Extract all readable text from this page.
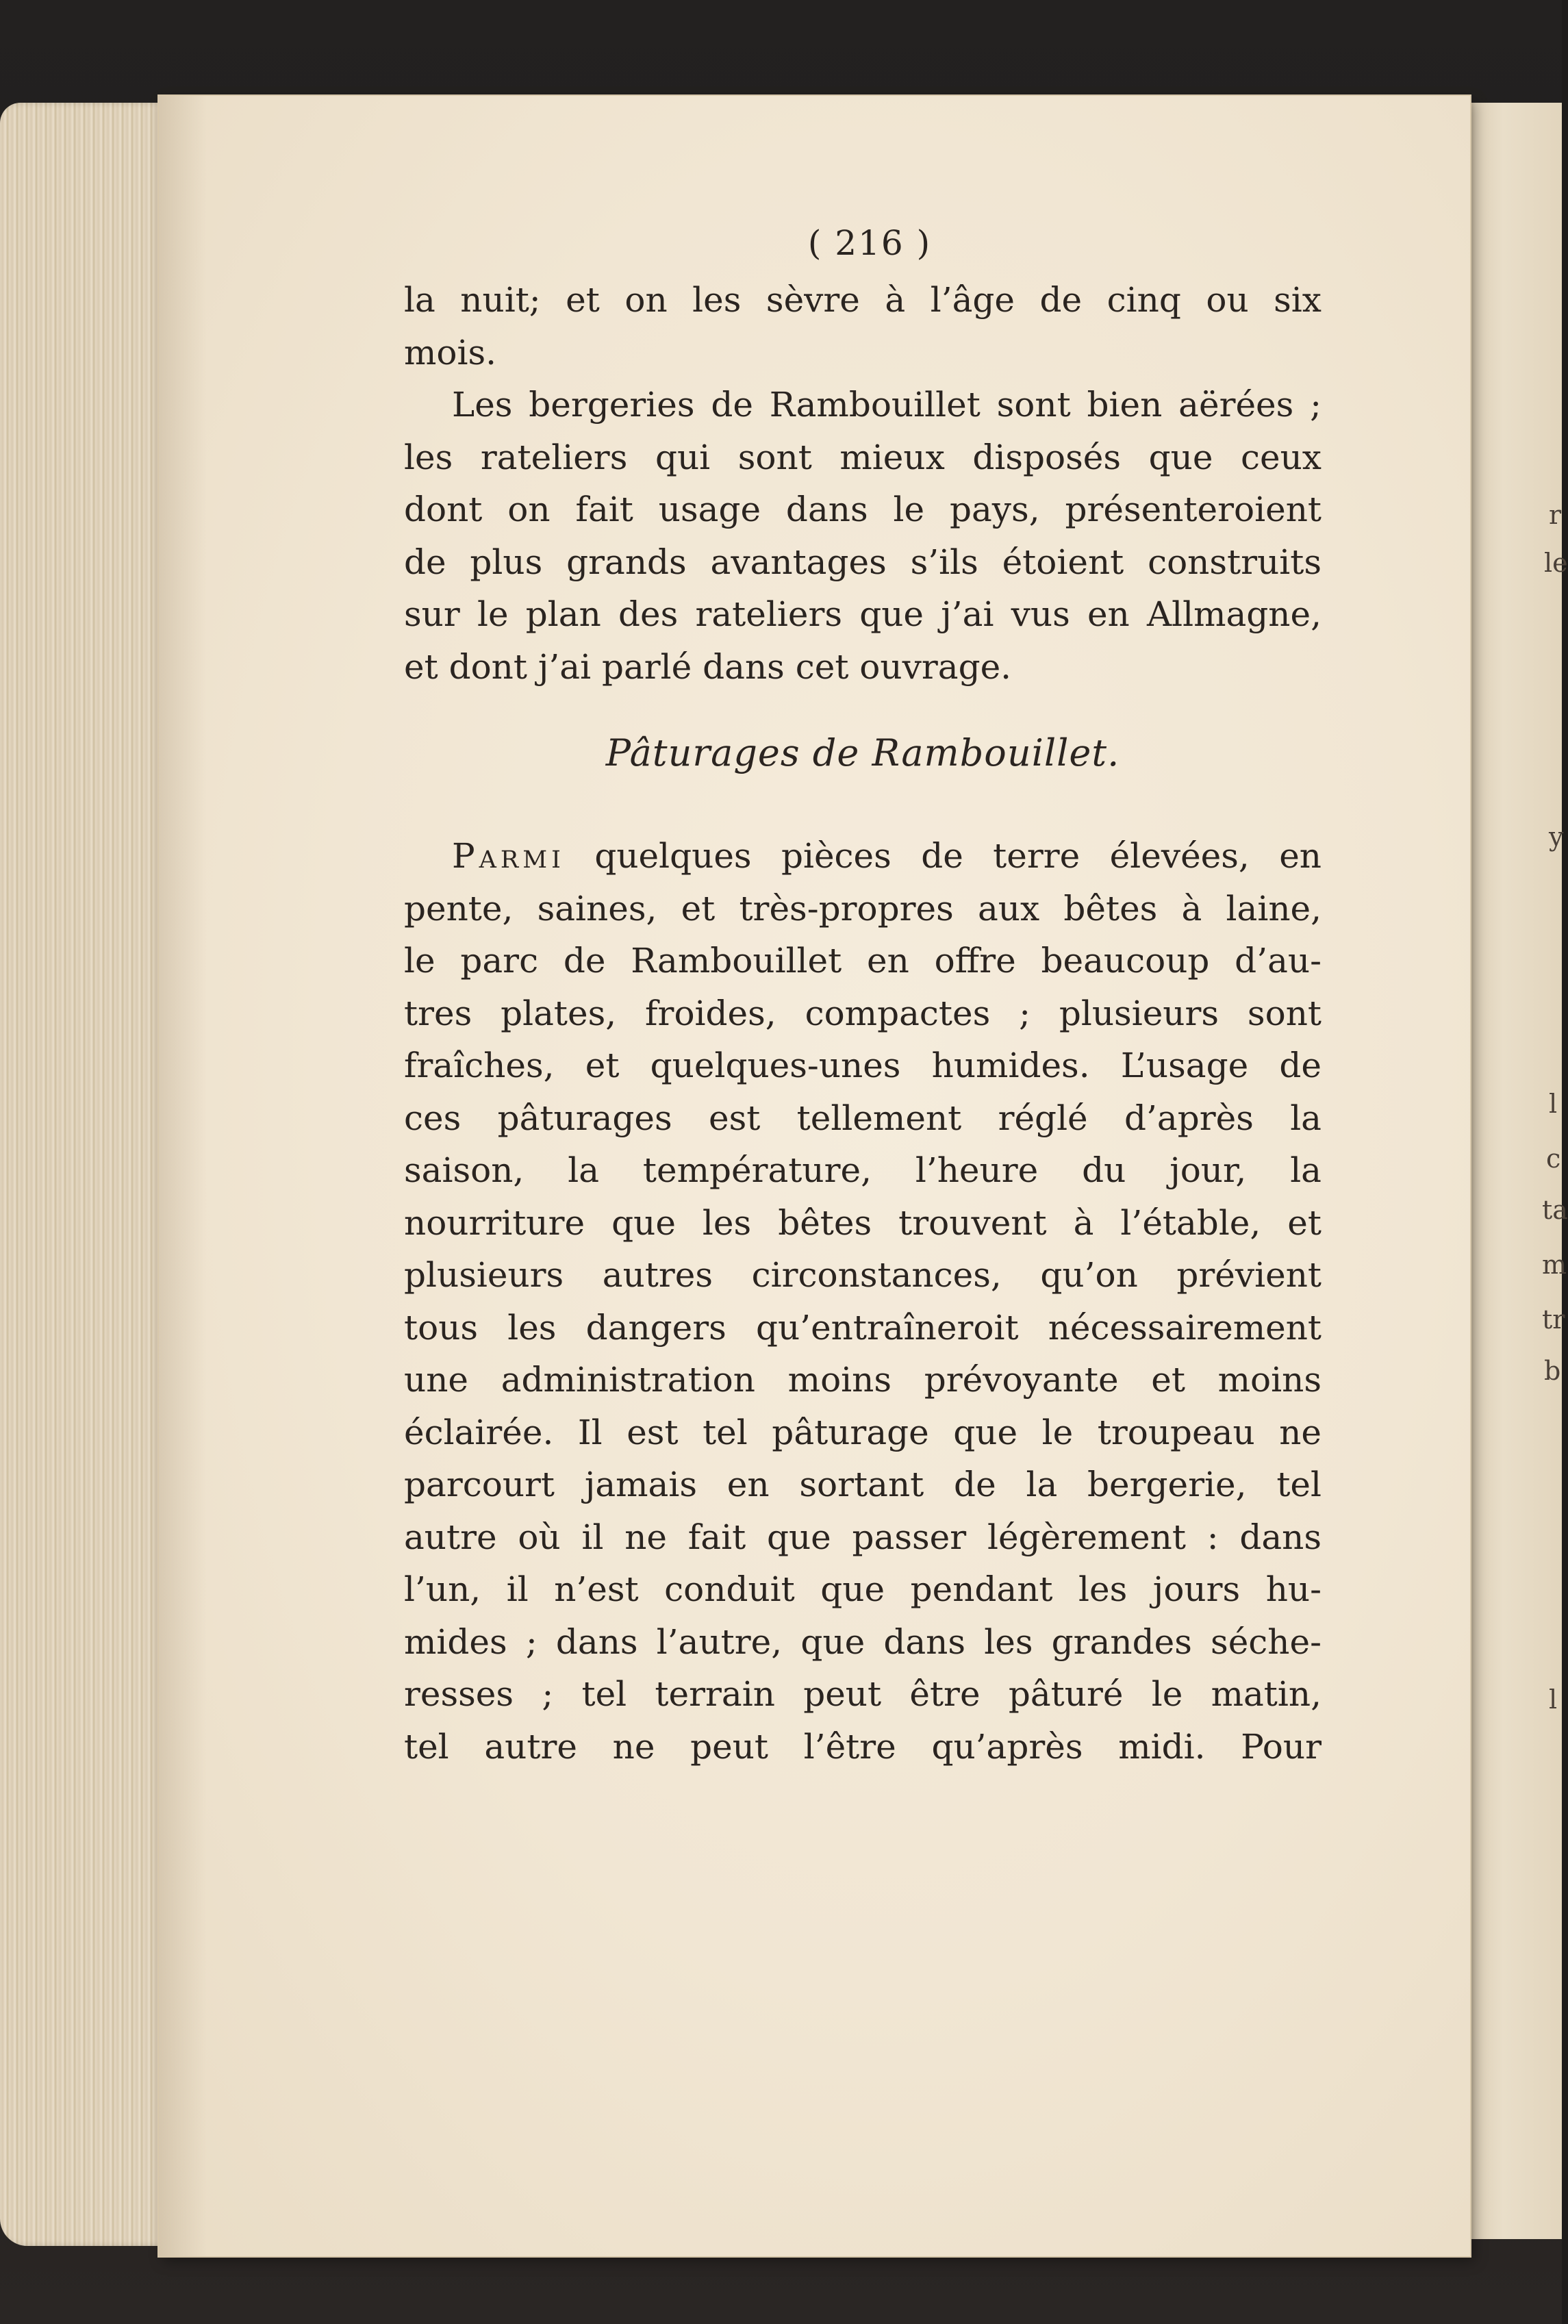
r
le
y
l
c
ta
m
tr
b
l
( 216 )

la nuit; et on les sèvre à l’âge de cinq ou six
mois.

Les bergeries de Rambouillet sont bien aërées ;
les rateliers qui sont mieux disposés que ceux
dont on fait usage dans le pays, présenteroient
de plus grands avantages s’ils étoient construits
sur le plan des rateliers que j’ai vus en Allmagne,
et dont j’ai parlé dans cet ouvrage.

Pâturages de Rambouillet.

Parmi quelques pièces de terre élevées, en
pente, saines, et très-propres aux bêtes à laine,
le parc de Rambouillet en offre beaucoup d’au-
tres plates, froides, compactes ; plusieurs sont
fraîches, et quelques-unes humides. L’usage de
ces pâturages est tellement réglé d’après la
saison, la température, l’heure du jour, la
nourriture que les bêtes trouvent à l’étable, et
plusieurs autres circonstances, qu’on prévient
tous les dangers qu’entraîneroit nécessairement
une administration moins prévoyante et moins
éclairée. Il est tel pâturage que le troupeau ne
parcourt jamais en sortant de la bergerie, tel
autre où il ne fait que passer légèrement : dans
l’un, il n’est conduit que pendant les jours hu-
mides ; dans l’autre, que dans les grandes séche-
resses ; tel terrain peut être pâturé le matin,
tel autre ne peut l’être qu’après midi. Pour
